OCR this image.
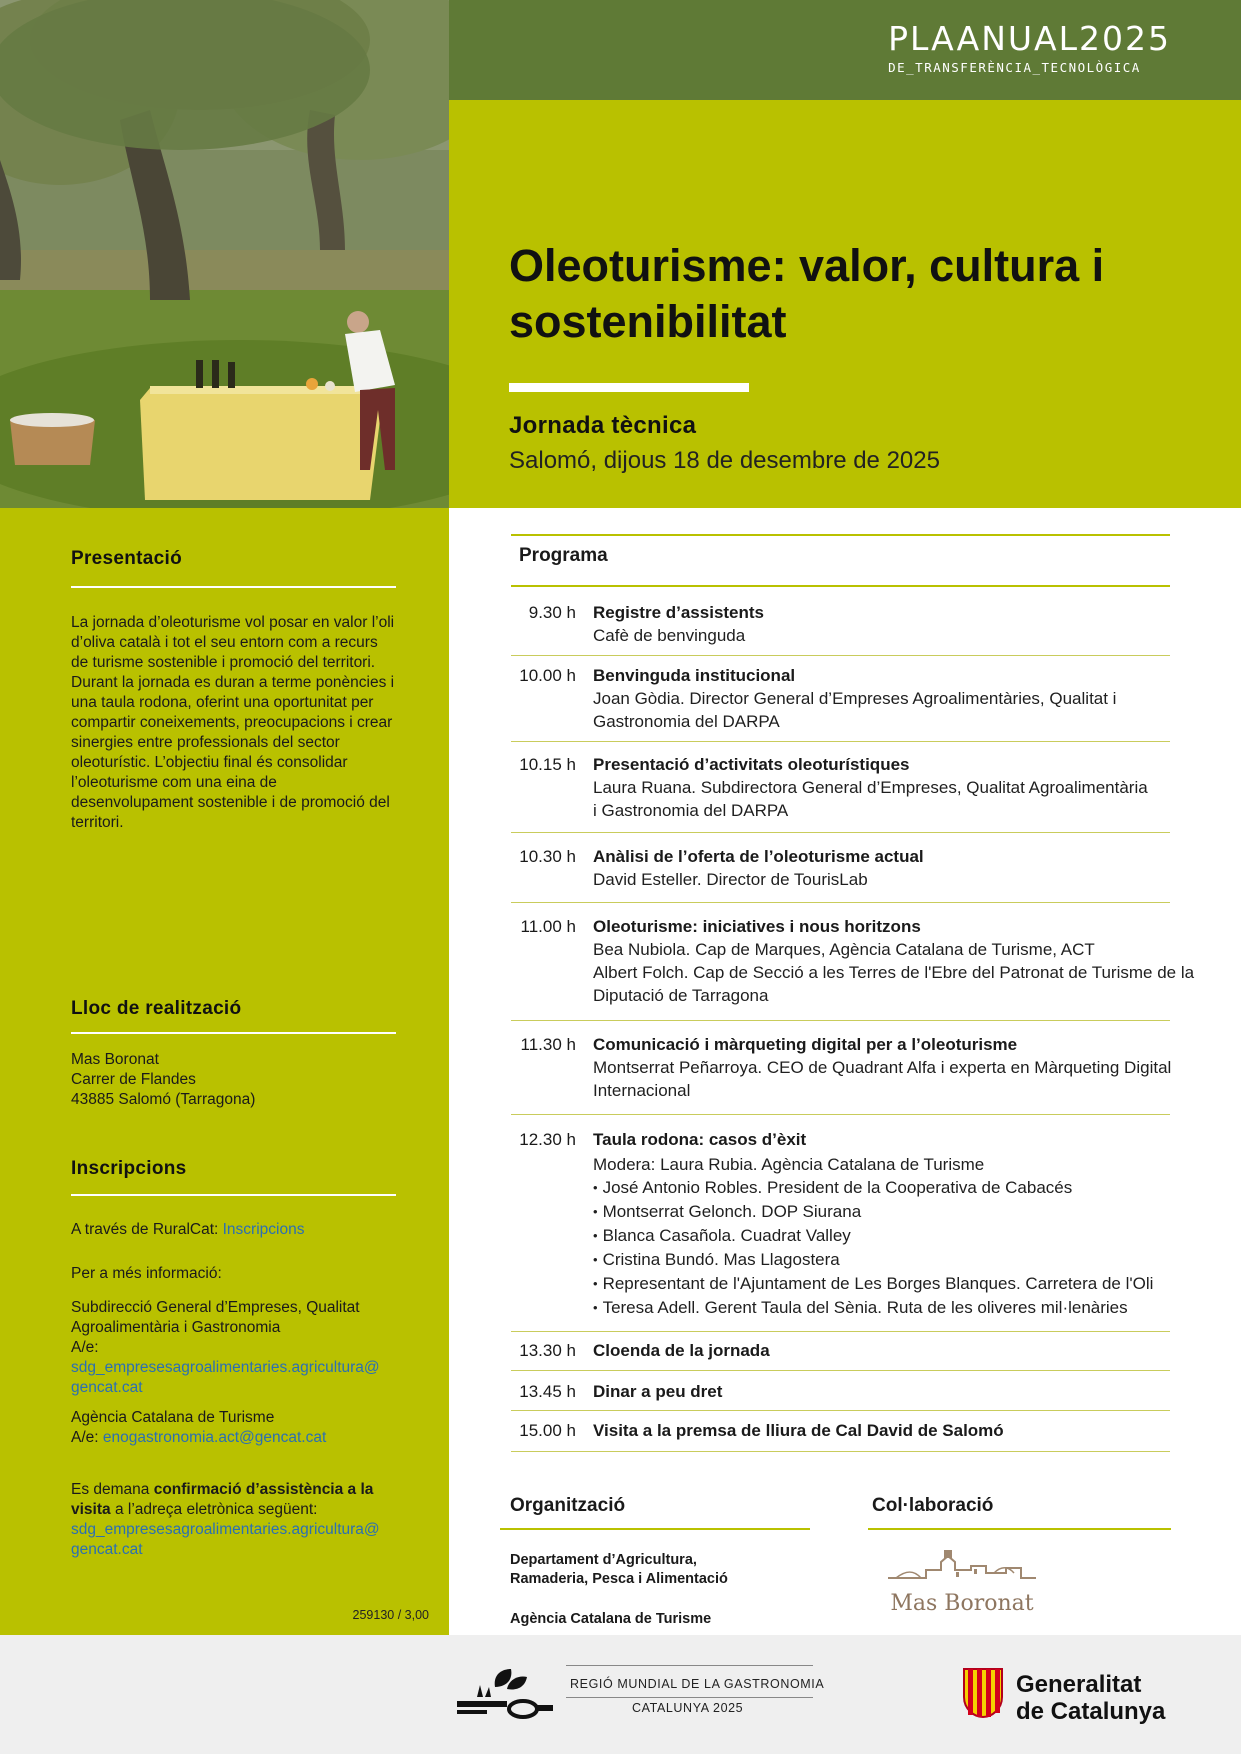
PLAANUAL2025
DE_TRANSFERÈNCIA_TECNOLÒGICA
Oleoturisme: valor, cultura i sostenibilitat
Jornada tècnica
Salomó, dijous 18 de desembre de 2025
Presentació
La jornada d’oleoturisme vol posar en valor l’oli d’oliva català i tot el seu entorn com a recurs de turisme sostenible i promoció del territori. Durant la jornada es duran a terme ponències i una taula rodona, oferint una oportunitat per compartir coneixements, preocupacions i crear sinergies entre professionals del sector oleoturístic. L’objectiu final és consolidar l’oleoturisme com una eina de desenvolupament sostenible i de promoció del territori.
Lloc de realització
Mas Boronat
Carrer de Flandes
43885 Salomó (Tarragona)
Inscripcions
A través de RuralCat: Inscripcions
Per a més informació:
Subdirecció General d’Empreses, Qualitat Agroalimentària i Gastronomia
A/e:
sdg_empresesagroalimentaries.agricultura@
gencat.cat
Agència Catalana de Turisme
A/e: enogastronomia.act@gencat.cat
Es demana confirmació d’assistència a la visita a l’adreça eletrònica següent:
sdg_empresesagroalimentaries.agricultura@
gencat.cat
259130 / 3,00
Programa
9.30 h Registre d’assistents
Cafè de benvinguda
10.00 h Benvinguda institucional
Joan Gòdia. Director General d’Empreses Agroalimentàries, Qualitat i Gastronomia del DARPA
10.15 h Presentació d’activitats oleoturístiques
Laura Ruana. Subdirectora General d’Empreses, Qualitat Agroalimentària i Gastronomia del DARPA
10.30 h Anàlisi de l’oferta de l’oleoturisme actual
David Esteller. Director de TourisLab
11.00 h Oleoturisme: iniciatives i nous horitzons
Bea Nubiola. Cap de Marques, Agència Catalana de Turisme, ACT
Albert Folch. Cap de Secció a les Terres de l'Ebre del Patronat de Turisme de la Diputació de Tarragona
11.30 h Comunicació i màrqueting digital per a l’oleoturisme
Montserrat Peñarroya. CEO de Quadrant Alfa i experta en Màrqueting Digital Internacional
12.30 h Taula rodona: casos d’èxit
Modera: Laura Rubia. Agència Catalana de Turisme
• José Antonio Robles. President de la Cooperativa de Cabacés
• Montserrat Gelonch. DOP Siurana
• Blanca Casañola. Cuadrat Valley
• Cristina Bundó. Mas Llagostera
• Representant de l'Ajuntament de Les Borges Blanques. Carretera de l'Oli
• Teresa Adell. Gerent Taula del Sènia. Ruta de les oliveres mil·lenàries
13.30 h Cloenda de la jornada
13.45 h Dinar a peu dret
15.00 h Visita a la premsa de lliura de Cal David de Salomó
Organització
Departament d’Agricultura, Ramaderia, Pesca i Alimentació
Agència Catalana de Turisme
Col·laboració
Mas Boronat
REGIÓ MUNDIAL DE LA GASTRONOMIA
CATALUNYA 2025
Generalitat
de Catalunya
